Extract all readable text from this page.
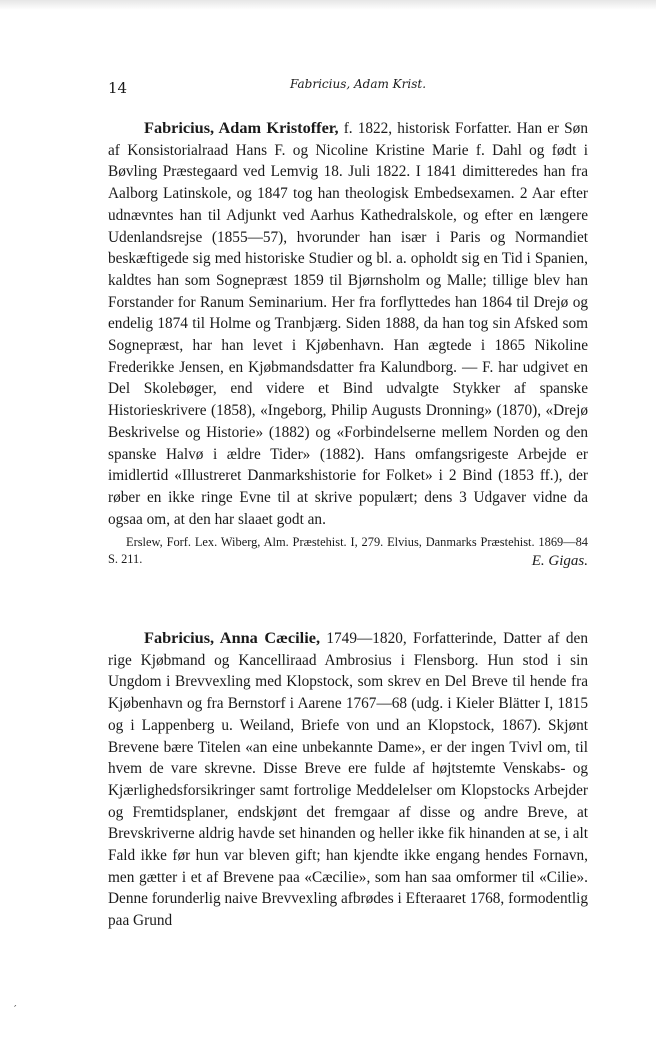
14	Fabricius, Adam Krist.

Fabricius, Adam Kristoffer, f. 1822, historisk Forfatter. Han er Søn af Konsistorialraad Hans F. og Nicoline Kristine Marie f. Dahl og født i Bøvling Præstegaard ved Lemvig 18. Juli 1822. I 1841 dimitteredes han fra Aalborg Latinskole, og 1847 tog han theologisk Embedsexamen. 2 Aar efter udnævntes han til Adjunkt ved Aarhus Kathedralskole, og efter en længere Udenlandsrejse (1855—57), hvorunder han især i Paris og Normandiet beskæftigede sig med historiske Studier og bl. a. opholdt sig en Tid i Spanien, kaldtes han som Sognepræst 1859 til Bjørnsholm og Malle; tillige blev han Forstander for Ranum Seminarium. Her fra forflyttedes han 1864 til Drejø og endelig 1874 til Holme og Tranbjærg. Siden 1888, da han tog sin Afsked som Sognepræst, har han levet i Kjøbenhavn. Han ægtede i 1865 Nikoline Frederikke Jensen, en Kjøbmandsdatter fra Kalundborg. — F. har udgivet en Del Skolebøger, end videre et Bind udvalgte Stykker af spanske Historieskrivere (1858), «Ingeborg, Philip Augusts Dronning» (1870), «Drejø Beskrivelse og Historie» (1882) og «Forbindelserne mellem Norden og den spanske Halvø i ældre Tider» (1882). Hans omfangsrigeste Arbejde er imidlertid «Illustreret Danmarkshistorie for Folket» i 2 Bind (1853 ff.), der røber en ikke ringe Evne til at skrive populært; dens 3 Udgaver vidne da ogsaa om, at den har slaaet godt an.

Erslew, Forf. Lex. Wiberg, Alm. Præstehist. I, 279. Elvius, Danmarks Præstehist. 1869—84 S. 211.	E. Gigas.

Fabricius, Anna Cæcilie, 1749—1820, Forfatterinde, Datter af den rige Kjøbmand og Kancelliraad Ambrosius i Flensborg. Hun stod i sin Ungdom i Brevvexling med Klopstock, som skrev en Del Breve til hende fra Kjøbenhavn og fra Bernstorf i Aarene 1767—68 (udg. i Kieler Blätter I, 1815 og i Lappenberg u. Weiland, Briefe von und an Klopstock, 1867). Skjønt Brevene bære Titelen «an eine unbekannte Dame», er der ingen Tvivl om, til hvem de vare skrevne. Disse Breve ere fulde af højtstemte Venskabs- og Kjærlighedsforsikringer samt fortrolige Meddelelser om Klopstocks Arbejder og Fremtidsplaner, endskjønt det fremgaar af disse og andre Breve, at Brevskriverne aldrig havde set hinanden og heller ikke fik hinanden at se, i alt Fald ikke før hun var bleven gift; han kjendte ikke engang hendes Fornavn, men gætter i et af Brevene paa «Cæcilie», som han saa omformer til «Cilie». Denne forunderlig naive Brevvexling afbrødes i Efteraaret 1768, formodentlig paa Grund

′
